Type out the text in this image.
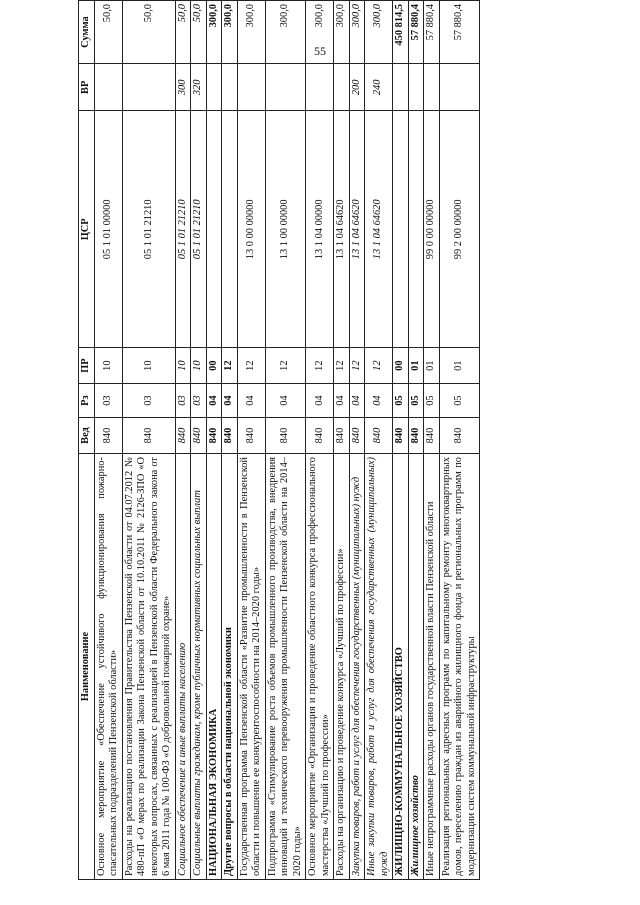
55
Наименование	Вед	Рз	ПР	ЦСР	ВР	Сумма
Основное мероприятие «Обеспечение устойчивого функционирования пожарно-спасательных подразделений Пензенской области»	840	03	10	05 1 01 00000		50,0
Расходы на реализацию постановления Правительства Пензенской области от 04.07.2012 № 480-пП «О мерах по реализации Закона Пензенской области от 10.10.2011 № 2126-ЗПО «О некоторых вопросах, связанных с реализацией в Пензенской области Федерального закона от 6 мая 2011 года № 100-ФЗ «О добровольной пожарной охране»	840	03	10	05 1 01 21210		50,0
Социальное обеспечение и иные выплаты населению	840	03	10	05 1 01 21210	300	50,0
Социальные выплаты гражданам, кроме публичных нормативных социальных выплат	840	03	10	05 1 01 21210	320	50,0
НАЦИОНАЛЬНАЯ ЭКОНОМИКА	840	04	00			300,0
Другие вопросы в области национальной экономики	840	04	12			300,0
Государственная программа Пензенской области «Развитие промышленности в Пензенской области и повышение ее конкурентоспособности на 2014–2020 годы»	840	04	12	13 0 00 00000		300,0
Подпрограмма «Стимулирование роста объемов промышленного производства, внедрения инноваций и технического перевооружения промышленности Пензенской области на 2014–2020 годы»	840	04	12	13 1 00 00000		300,0
Основное мероприятие «Организация и проведение областного конкурса профессионального мастерства «Лучший по профессии»	840	04	12	13 1 04 00000		300,0
Расходы на организацию и проведение конкурса «Лучший по профессии»	840	04	12	13 1 04 64620		300,0
Закупка товаров, работ и услуг для обеспечения государственных (муниципальных) нужд	840	04	12	13 1 04 64620	200	300,0
Иные закупки товаров, работ и услуг для обеспечения государственных (муниципальных) нужд	840	04	12	13 1 04 64620	240	300,0
ЖИЛИЩНО-КОММУНАЛЬНОЕ ХОЗЯЙСТВО	840	05	00			450 814,5
Жилищное хозяйство	840	05	01			57 880,4
Иные непрограммные расходы органов государственной власти Пензенской области	840	05	01	99 0 00 00000		57 880,4
Реализация региональных адресных программ по капитальному ремонту многоквартирных домов, переселению граждан из аварийного жилищного фонда и региональных программ по модернизации систем коммунальной инфраструктуры	840	05	01	99 2 00 00000		57 880,4
